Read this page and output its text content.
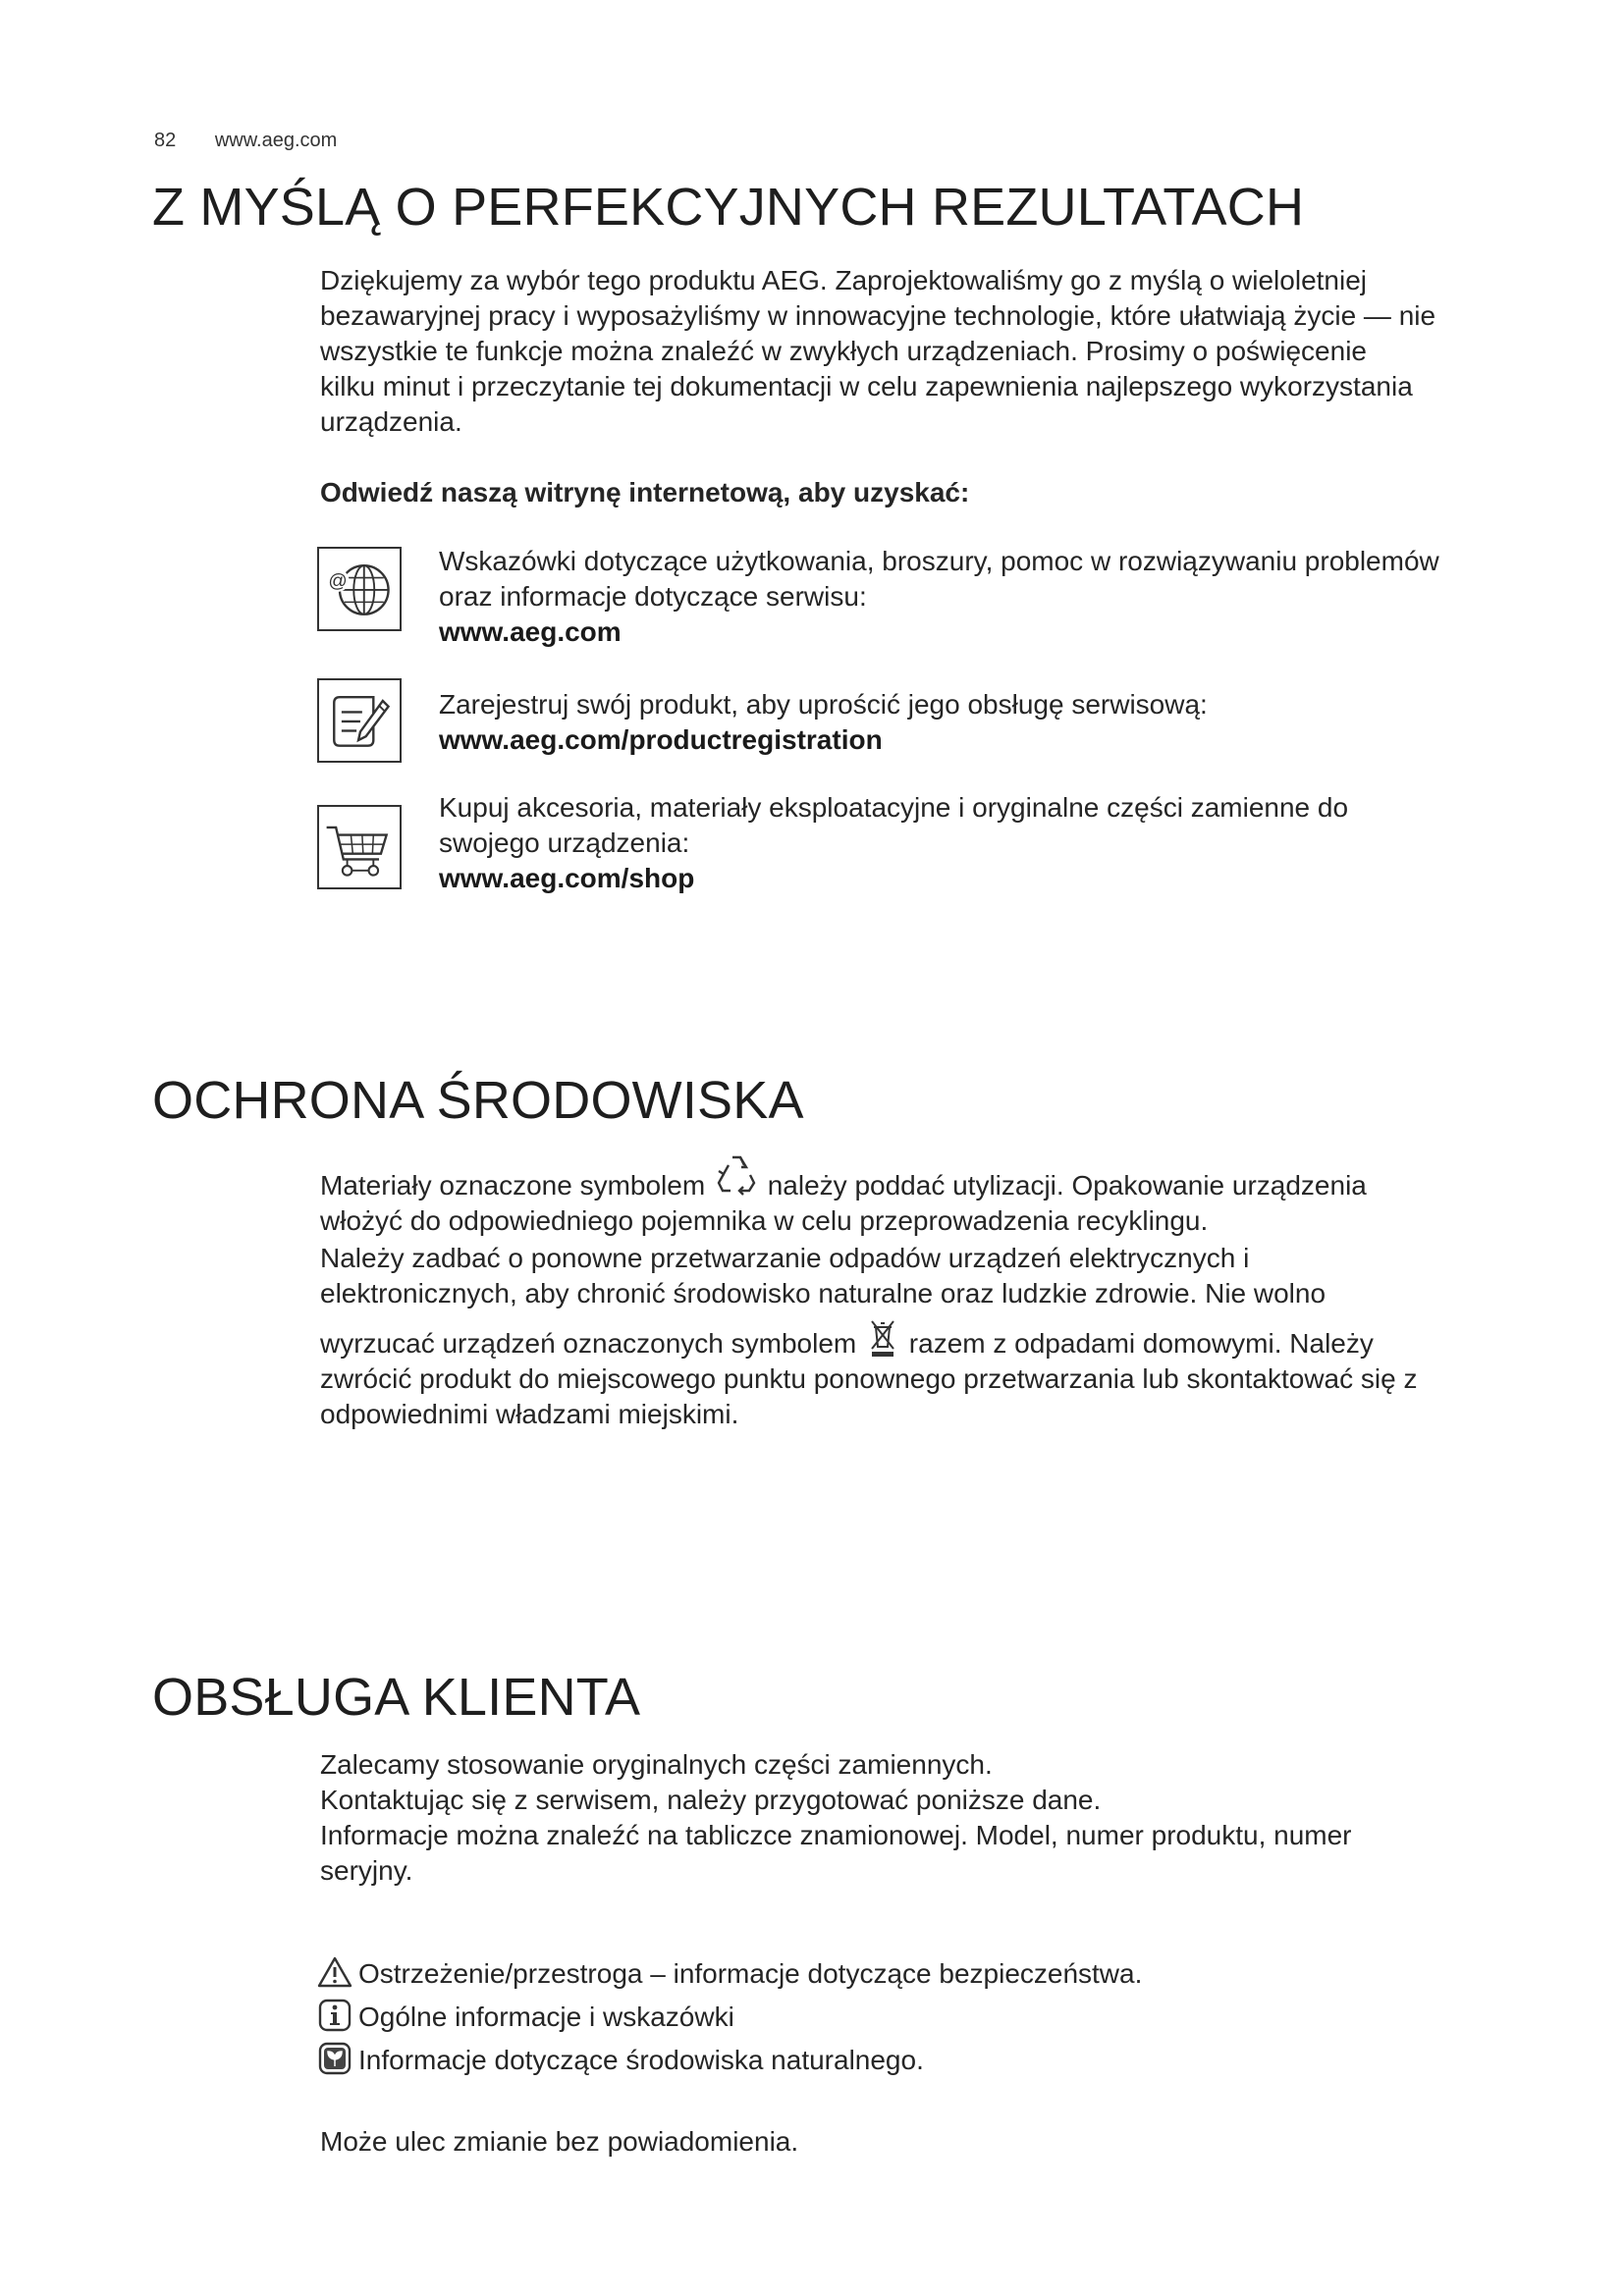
82 www.aeg.com
Z MYŚLĄ O PERFEKCYJNYCH REZULTATACH

Dziękujemy za wybór tego produktu AEG. Zaprojektowaliśmy go z myślą o wieloletniej

bezawaryjnej pracy i wyposażyliśmy w innowacyjne technologie, które ułatwiają życie — nie

wszystkie te funkcje można znaleźć w zwykłych urządzeniach. Prosimy o poświęcenie

kilku minut i przeczytanie tej dokumentacji w celu zapewnienia najlepszego wykorzystania

urządzenia.

Odwiedź naszą witrynę internetową, aby uzyskać:

@
Wskazówki dotyczące użytkowania, broszury, pomoc w rozwiązywaniu problemów
oraz informacje dotyczące serwisu:
www.aeg.com
Zarejestruj swój produkt, aby uprościć jego obsługę serwisową:
www.aeg.com/productregistration
Kupuj akcesoria, materiały eksploatacyjne i oryginalne części zamienne do
swojego urządzenia:
www.aeg.com/shop
OCHRONA ŚRODOWISKA

Materiały oznaczone symbolem należy poddać utylizacji. Opakowanie urządzenia

włożyć do odpowiedniego pojemnika w celu przeprowadzenia recyklingu.

Należy zadbać o ponowne przetwarzanie odpadów urządzeń elektrycznych i

elektronicznych, aby chronić środowisko naturalne oraz ludzkie zdrowie. Nie wolno

wyrzucać urządzeń oznaczonych symbolem razem z odpadami domowymi. Należy

zwrócić produkt do miejscowego punktu ponownego przetwarzania lub skontaktować się z

odpowiednimi władzami miejskimi.

OBSŁUGA KLIENTA

Zalecamy stosowanie oryginalnych części zamiennych.

Kontaktując się z serwisem, należy przygotować poniższe dane.

Informacje można znaleźć na tabliczce znamionowej. Model, numer produktu, numer

seryjny.

Ostrzeżenie/przestroga – informacje dotyczące bezpieczeństwa.
Ogólne informacje i wskazówki
Informacje dotyczące środowiska naturalnego.

Może ulec zmianie bez powiadomienia.
